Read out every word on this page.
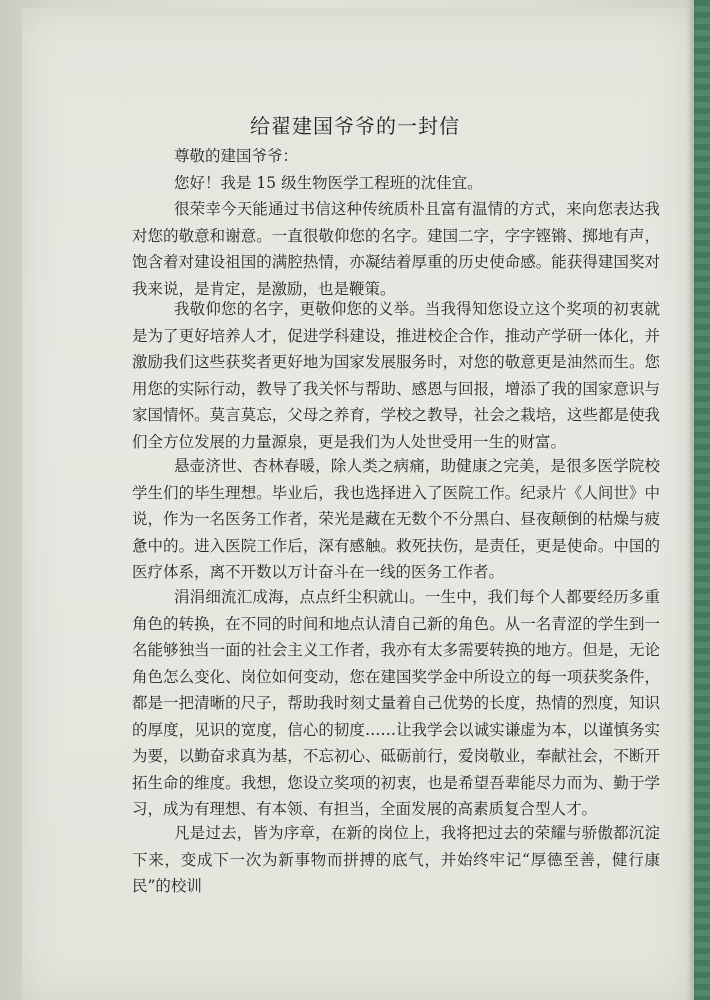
给翟建国爷爷的一封信
尊敬的建国爷爷：
您好！我是 15 级生物医学工程班的沈佳宜。
很荣幸今天能通过书信这种传统质朴且富有温情的方式，来向您表达我对您的敬意和谢意。一直很敬仰您的名字。建国二字，字字铿锵、掷地有声，饱含着对建设祖国的满腔热情，亦凝结着厚重的历史使命感。能获得建国奖对我来说，是肯定，是激励，也是鞭策。
我敬仰您的名字，更敬仰您的义举。当我得知您设立这个奖项的初衷就是为了更好培养人才，促进学科建设，推进校企合作，推动产学研一体化，并激励我们这些获奖者更好地为国家发展服务时，对您的敬意更是油然而生。您用您的实际行动，教导了我关怀与帮助、感恩与回报，增添了我的国家意识与家国情怀。莫言莫忘，父母之养育，学校之教导，社会之栽培，这些都是使我们全方位发展的力量源泉，更是我们为人处世受用一生的财富。
悬壶济世、杏林春暖，除人类之病痛，助健康之完美，是很多医学院校学生们的毕生理想。毕业后，我也选择进入了医院工作。纪录片《人间世》中说，作为一名医务工作者，荣光是藏在无数个不分黑白、昼夜颠倒的枯燥与疲惫中的。进入医院工作后，深有感触。救死扶伤，是责任，更是使命。中国的医疗体系，离不开数以万计奋斗在一线的医务工作者。
涓涓细流汇成海，点点纤尘积就山。一生中，我们每个人都要经历多重角色的转换，在不同的时间和地点认清自己新的角色。从一名青涩的学生到一名能够独当一面的社会主义工作者，我亦有太多需要转换的地方。但是，无论角色怎么变化、岗位如何变动，您在建国奖学金中所设立的每一项获奖条件，都是一把清晰的尺子，帮助我时刻丈量着自己优势的长度，热情的烈度，知识的厚度，见识的宽度，信心的韧度……让我学会以诚实谦虚为本，以谨慎务实为要，以勤奋求真为基，不忘初心、砥砺前行，爱岗敬业，奉献社会，不断开拓生命的维度。我想，您设立奖项的初衷，也是希望吾辈能尽力而为、勤于学习，成为有理想、有本领、有担当，全面发展的高素质复合型人才。
凡是过去，皆为序章，在新的岗位上，我将把过去的荣耀与骄傲都沉淀下来，变成下一次为新事物而拼搏的底气，并始终牢记“厚德至善，健行康民”的校训
